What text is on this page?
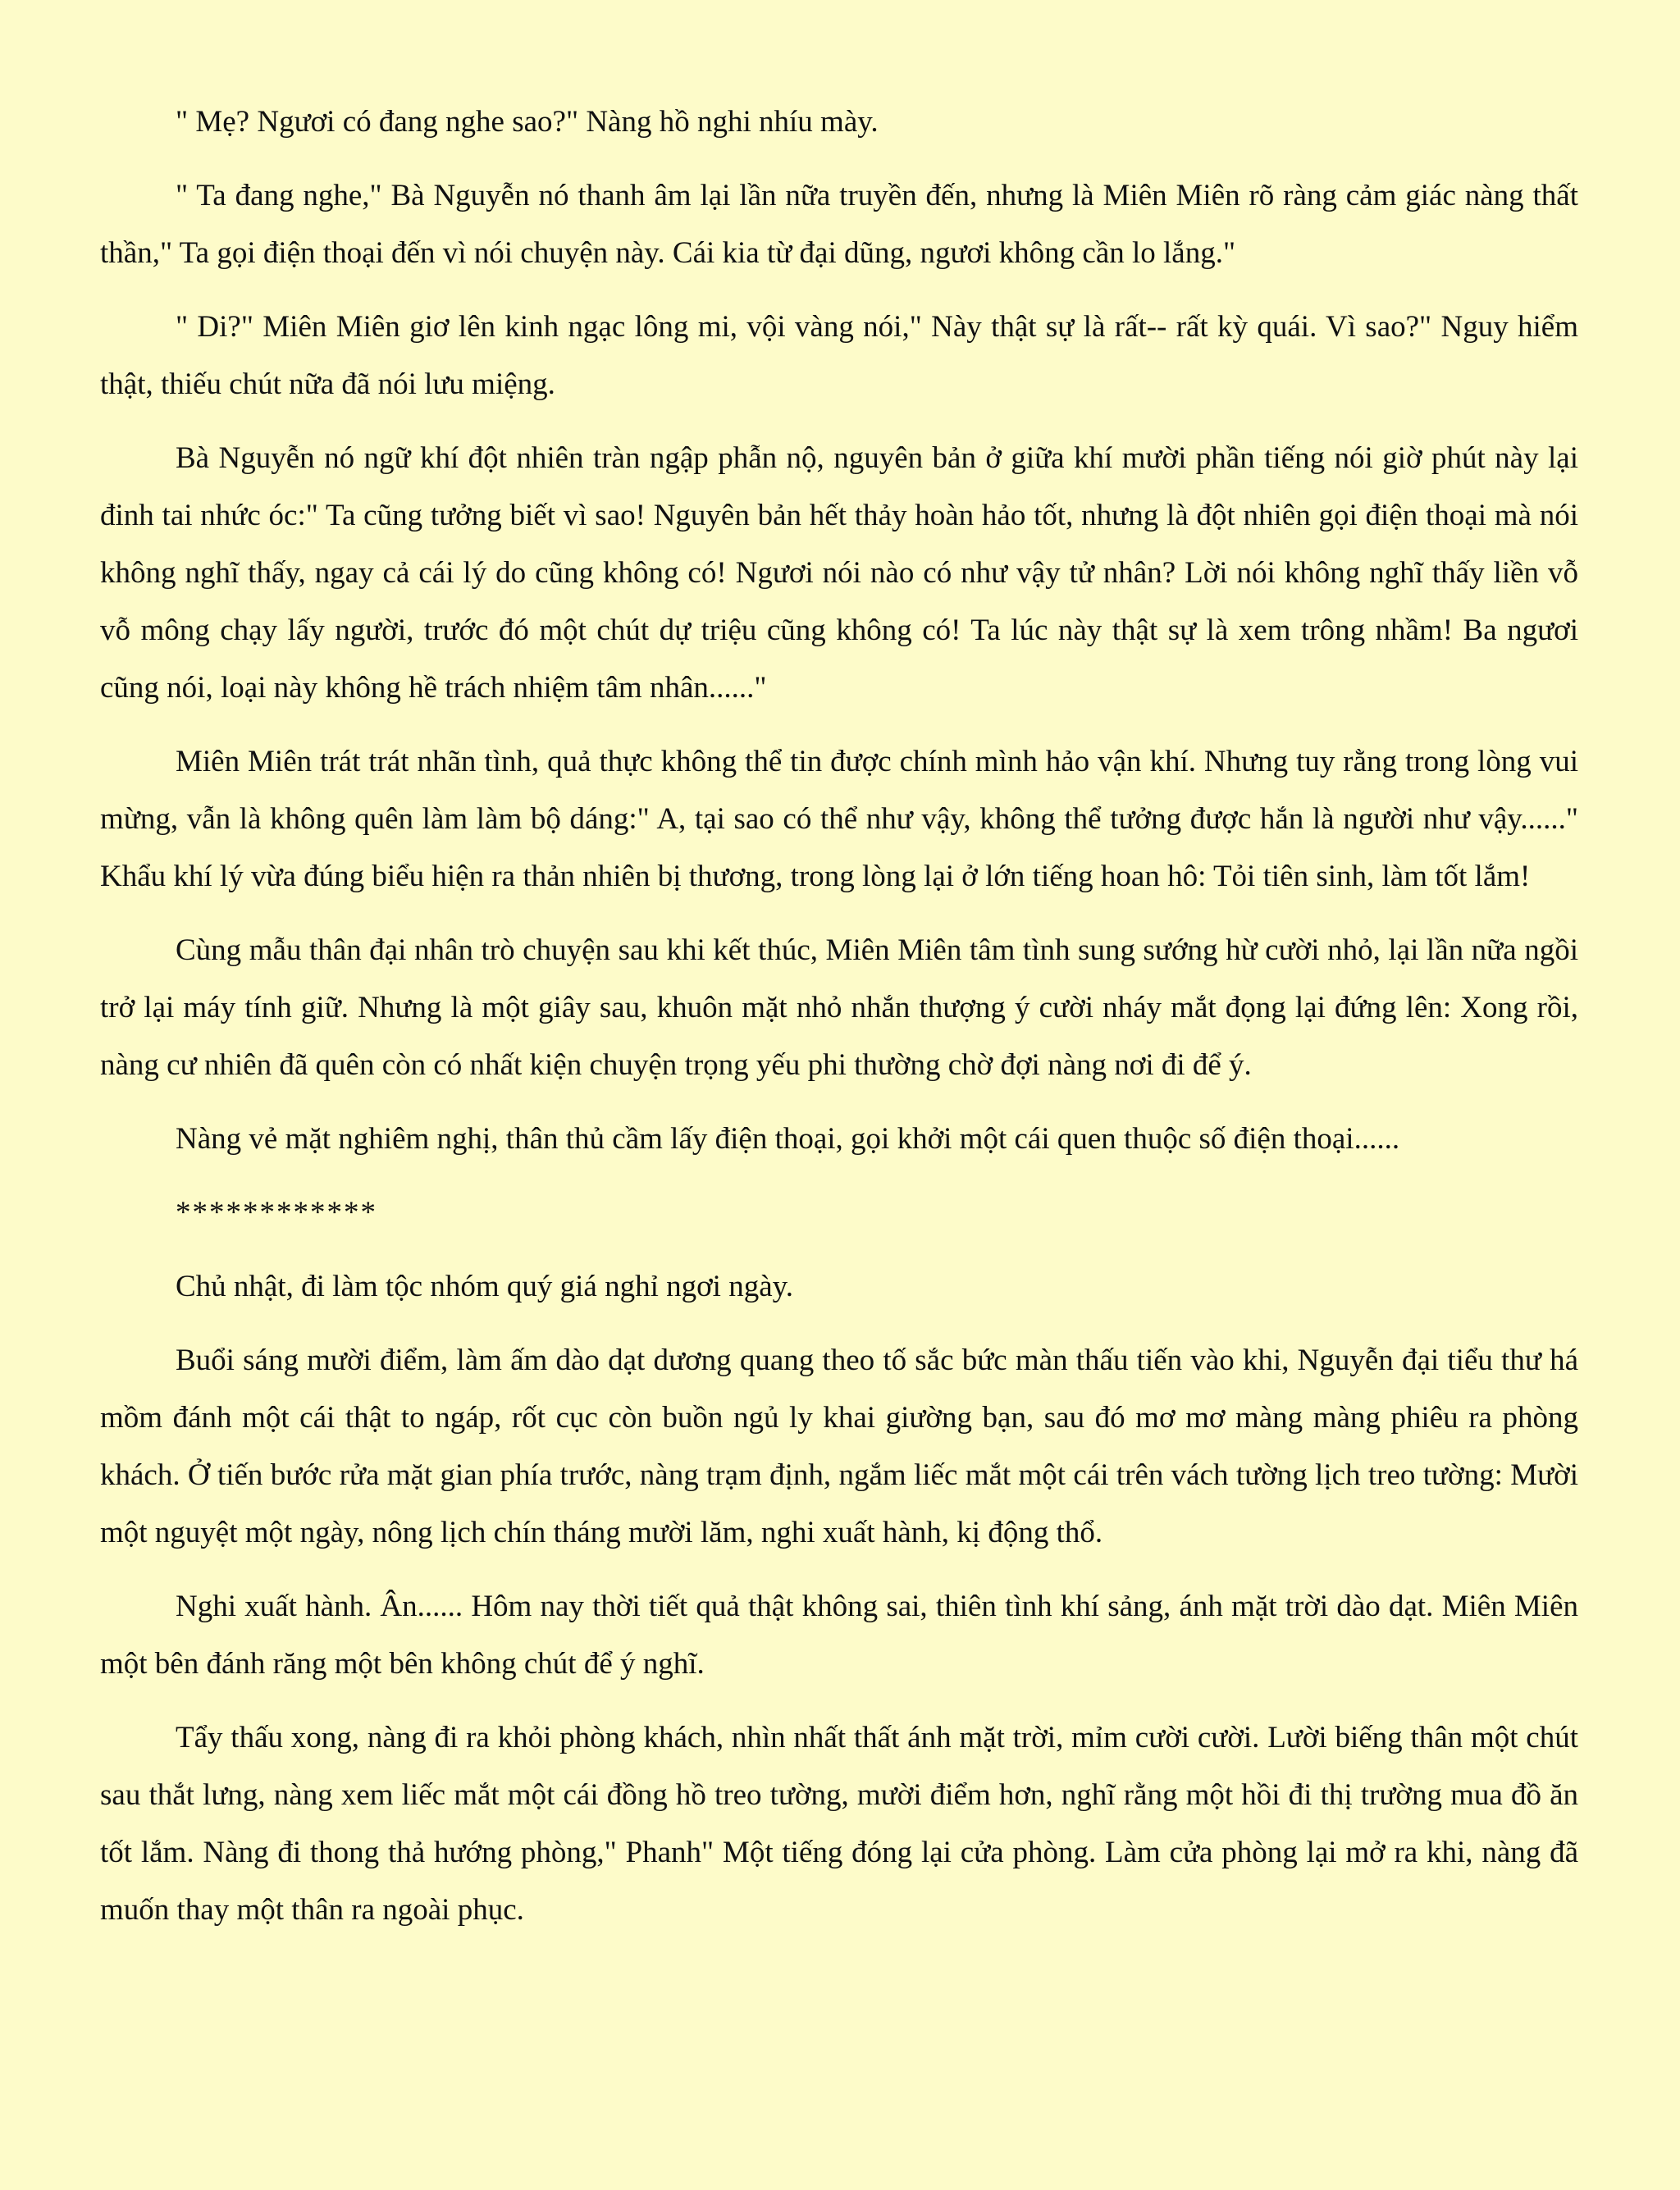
" Mẹ? Ngươi có đang nghe sao?" Nàng hồ nghi nhíu mày.

" Ta đang nghe," Bà Nguyễn nó thanh âm lại lần nữa truyền đến, nhưng là Miên Miên rõ ràng cảm giác nàng thất thần," Ta gọi điện thoại đến vì nói chuyện này. Cái kia từ đại dũng, ngươi không cần lo lắng."

" Di?" Miên Miên giơ lên kinh ngạc lông mi, vội vàng nói," Này thật sự là rất-- rất kỳ quái. Vì sao?" Nguy hiểm thật, thiếu chút nữa đã nói lưu miệng.

Bà Nguyễn nó ngữ khí đột nhiên tràn ngập phẫn nộ, nguyên bản ở giữa khí mười phần tiếng nói giờ phút này lại đinh tai nhức óc:" Ta cũng tưởng biết vì sao! Nguyên bản hết thảy hoàn hảo tốt, nhưng là đột nhiên gọi điện thoại mà nói không nghĩ thấy, ngay cả cái lý do cũng không có! Ngươi nói nào có như vậy tử nhân? Lời nói không nghĩ thấy liền vỗ vỗ mông chạy lấy người, trước đó một chút dự triệu cũng không có! Ta lúc này thật sự là xem trông nhầm! Ba ngươi cũng nói, loại này không hề trách nhiệm tâm nhân......"

Miên Miên trát trát nhãn tình, quả thực không thể tin được chính mình hảo vận khí. Nhưng tuy rằng trong lòng vui mừng, vẫn là không quên làm làm bộ dáng:" A, tại sao có thể như vậy, không thể tưởng được hắn là người như vậy......" Khẩu khí lý vừa đúng biểu hiện ra thản nhiên bị thương, trong lòng lại ở lớn tiếng hoan hô: Tỏi tiên sinh, làm tốt lắm!

Cùng mẫu thân đại nhân trò chuyện sau khi kết thúc, Miên Miên tâm tình sung sướng hừ cười nhỏ, lại lần nữa ngồi trở lại máy tính giữ. Nhưng là một giây sau, khuôn mặt nhỏ nhắn thượng ý cười nháy mắt đọng lại đứng lên: Xong rồi, nàng cư nhiên đã quên còn có nhất kiện chuyện trọng yếu phi thường chờ đợi nàng nơi đi để ý.

Nàng vẻ mặt nghiêm nghị, thân thủ cầm lấy điện thoại, gọi khởi một cái quen thuộc số điện thoại......

************

Chủ nhật, đi làm tộc nhóm quý giá nghỉ ngơi ngày.

Buổi sáng mười điểm, làm ấm dào dạt dương quang theo tố sắc bức màn thấu tiến vào khi, Nguyễn đại tiểu thư há mồm đánh một cái thật to ngáp, rốt cục còn buồn ngủ ly khai giường bạn, sau đó mơ mơ màng màng phiêu ra phòng khách. Ở tiến bước rửa mặt gian phía trước, nàng trạm định, ngắm liếc mắt một cái trên vách tường lịch treo tường: Mười một nguyệt một ngày, nông lịch chín tháng mười lăm, nghi xuất hành, kị động thổ.

Nghi xuất hành. Ân...... Hôm nay thời tiết quả thật không sai, thiên tình khí sảng, ánh mặt trời dào dạt. Miên Miên một bên đánh răng một bên không chút để ý nghĩ.

Tẩy thấu xong, nàng đi ra khỏi phòng khách, nhìn nhất thất ánh mặt trời, mỉm cười cười. Lười biếng thân một chút sau thắt lưng, nàng xem liếc mắt một cái đồng hồ treo tường, mười điểm hơn, nghĩ rằng một hồi đi thị trường mua đồ ăn tốt lắm. Nàng đi thong thả hướng phòng," Phanh" Một tiếng đóng lại cửa phòng. Làm cửa phòng lại mở ra khi, nàng đã muốn thay một thân ra ngoài phục.
